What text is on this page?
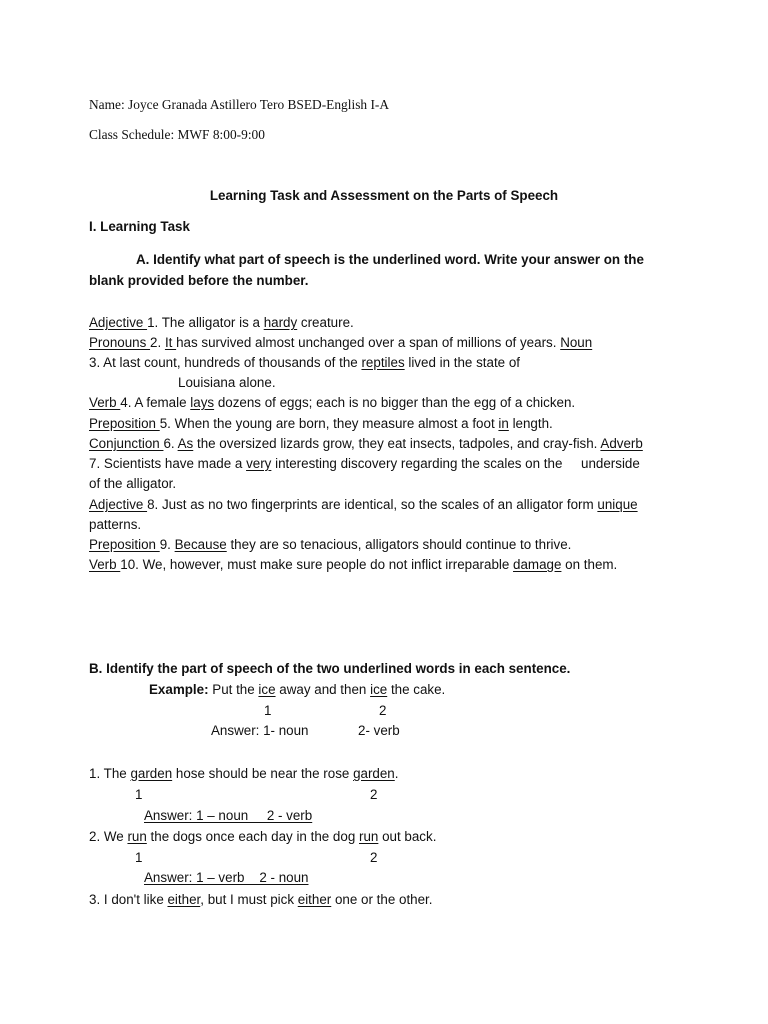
Name: Joyce Granada Astillero Tero BSED-English I-A
Class Schedule: MWF 8:00-9:00
Learning Task and Assessment on the Parts of Speech
I. Learning Task
A. Identify what part of speech is the underlined word. Write your answer on the
blank provided before the number.
Adjective 1. The alligator is a hardy creature.
Pronouns 2. It has survived almost unchanged over a span of millions of years. Noun
3. At last count, hundreds of thousands of the reptiles lived in the state of
Louisiana alone.
Verb 4. A female lays dozens of eggs; each is no bigger than the egg of a chicken.
Preposition 5. When the young are born, they measure almost a foot in length.
Conjunction 6. As the oversized lizards grow, they eat insects, tadpoles, and cray-fish. Adverb
7. Scientists have made a very interesting discovery regarding the scales on the     underside
of the alligator.
Adjective 8. Just as no two fingerprints are identical, so the scales of an alligator form unique
patterns.
Preposition 9. Because they are so tenacious, alligators should continue to thrive.
Verb 10. We, however, must make sure people do not inflict irreparable damage on them.
B. Identify the part of speech of the two underlined words in each sentence.
Example: Put the ice away and then ice the cake.
1	2
Answer: 1- noun	2- verb
1. The garden hose should be near the rose garden.
1	2
Answer: 1 – noun     2 - verb
2. We run the dogs once each day in the dog run out back.
1	2
Answer: 1 – verb    2 - noun
3. I don't like either, but I must pick either one or the other.
